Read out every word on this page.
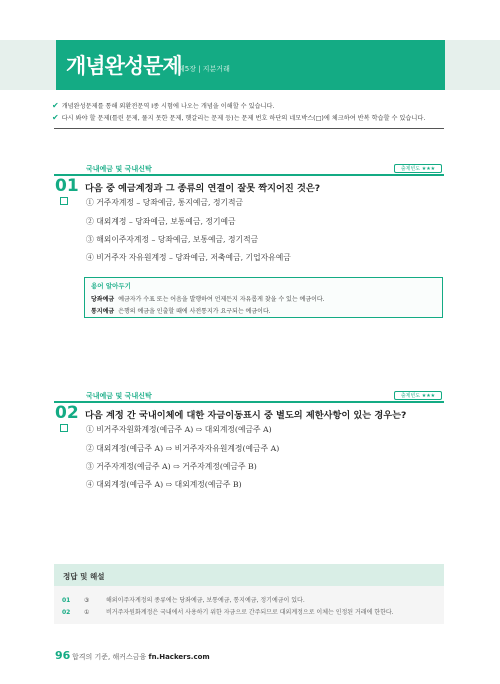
개념완성문제
제5장 | 지분거래
✔ 개념완성문제를 통해 외환전문역 Ⅰ종 시험에 나오는 개념을 이해할 수 있습니다.
✔ 다시 봐야 할 문제(틀린 문제, 풀지 못한 문제, 헷갈리는 문제 등)는 문제 번호 하단의 네모박스(□)에 체크하여 반복 학습할 수 있습니다.
국내예금 및 국내신탁	출제빈도 ★★★
01 다음 중 예금계정과 그 종류의 연결이 잘못 짝지어진 것은?
① 거주자계정 – 당좌예금, 통지예금, 정기적금
② 대외계정 – 당좌예금, 보통예금, 정기예금
③ 해외이주자계정 – 당좌예금, 보통예금, 정기적금
④ 비거주자 자유원계정 – 당좌예금, 저축예금, 기업자유예금
용어 알아두기
당좌예금 예금자가 수표 또는 어음을 발행하여 언제든지 자유롭게 찾을 수 있는 예금이다.
통지예금 은행의 예금을 인출할 때에 사전통지가 요구되는 예금이다.
국내예금 및 국내신탁	출제빈도 ★★★
02 다음 계정 간 국내이체에 대한 자금이동표시 중 별도의 제한사항이 있는 경우는?
① 비거주자원화계정(예금주 A) ⇨ 대외계정(예금주 A)
② 대외계정(예금주 A) ⇨ 비거주자자유원계정(예금주 A)
③ 거주자계정(예금주 A) ⇨ 거주자계정(예금주 B)
④ 대외계정(예금주 A) ⇨ 대외계정(예금주 B)
정답 및 해설
01 ③	해외이주자계정의 종류에는 당좌예금, 보통예금, 통지예금, 정기예금이 있다.
02 ①	비거주자원화계정은 국내에서 사용하기 위한 자금으로 간주되므로 대외계정으로 이체는 인정된 거래에 한한다.
96 합격의 기준, 해커스금융 fn.Hackers.com
